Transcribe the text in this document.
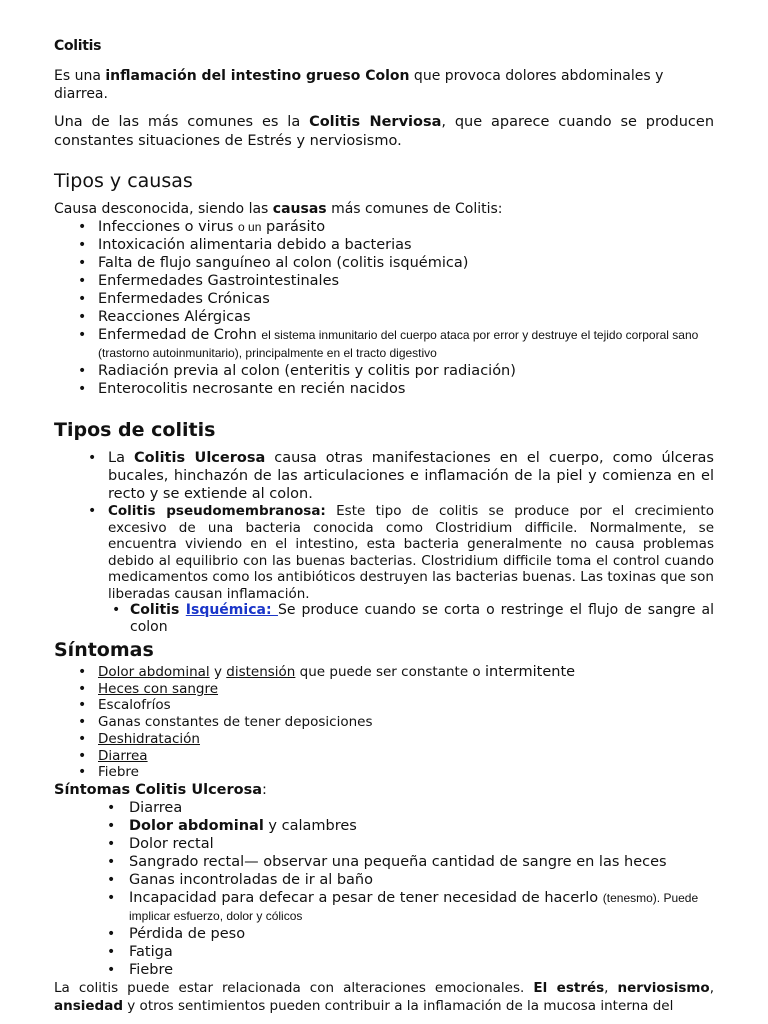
Colitis

Es una inflamación del intestino grueso Colon que provoca dolores abdominales y diarrea.

Una de las más comunes es la Colitis Nerviosa, que aparece cuando se producen constantes situaciones de Estrés y nerviosismo.

Tipos y causas

Causa desconocida, siendo las causas más comunes de Colitis:

• Infecciones o virus o un parásito
• Intoxicación alimentaria debido a bacterias
• Falta de flujo sanguíneo al colon (colitis isquémica)
• Enfermedades Gastrointestinales
• Enfermedades Crónicas
• Reacciones Alérgicas
• Enfermedad de Crohn el sistema inmunitario del cuerpo ataca por error y destruye el tejido corporal sano (trastorno autoinmunitario), principalmente en el tracto digestivo
• Radiación previa al colon (enteritis y colitis por radiación)
• Enterocolitis necrosante en recién nacidos
Tipos de colitis
• La Colitis Ulcerosa causa otras manifestaciones en el cuerpo, como úlceras bucales, hinchazón de las articulaciones e inflamación de la piel y comienza en el recto y se extiende al colon.
• Colitis pseudomembranosa: Este tipo de colitis se produce por el crecimiento excesivo de una bacteria conocida como Clostridium difficile. Normalmente, se encuentra viviendo en el intestino, esta bacteria generalmente no causa problemas debido al equilibrio con las buenas bacterias. Clostridium difficile toma el control cuando medicamentos como los antibióticos destruyen las bacterias buenas. Las toxinas que son liberadas causan inflamación.
• Colitis Isquémica: Se produce cuando se corta o restringe el flujo de sangre al colon
Síntomas
• Dolor abdominal y distensión que puede ser constante o intermitente
• Heces con sangre
• Escalofríos
• Ganas constantes de tener deposiciones
• Deshidratación
• Diarrea
• Fiebre
Síntomas Colitis Ulcerosa:
• Diarrea
• Dolor abdominal y calambres
• Dolor rectal
• Sangrado rectal— observar una pequeña cantidad de sangre en las heces
• Ganas incontroladas de ir al baño
• Incapacidad para defecar a pesar de tener necesidad de hacerlo (tenesmo). Puede implicar esfuerzo, dolor y cólicos
• Pérdida de peso
• Fatiga
• Fiebre

La colitis puede estar relacionada con alteraciones emocionales. El estrés, nerviosismo, ansiedad y otros sentimientos pueden contribuir a la inflamación de la mucosa interna del
